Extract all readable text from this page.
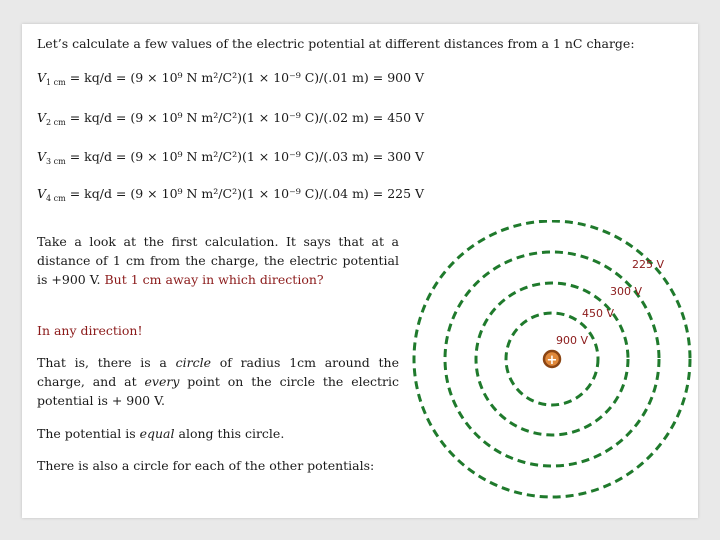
Let’s calculate a few values of the electric potential at different distances from a 1 nC charge:
$V_{1 cm} = kq/d = (9 \times 10^9$ N m²/C²)(1 × 10⁻⁹ C)/(.01 m) = 900 V
$V_{2 cm} = kq/d = (9 \times 10^9$ N m²/C²)(1 × 10⁻⁹ C)/(.02 m) = 450 V
$V_{3 cm} = kq/d = (9 \times 10^9$ N m²/C²)(1 × 10⁻⁹ C)/(.03 m) = 300 V
$V_{4 cm} = kq/d = (9 \times 10^9$ N m²/C²)(1 × 10⁻⁹ C)/(.04 m) = 225 V
Take a look at the first calculation. It says that at a distance of 1 cm from the charge, the electric potential is +900 V. But 1 cm away in which direction?
In any direction!
That is, there is a circle of radius 1cm around the charge, and at every point on the circle the electric potential is + 900 V.
The potential is equal along this circle.
There is also a circle for each of the other potentials:
+
900 V
450 V
300 V
225 V
